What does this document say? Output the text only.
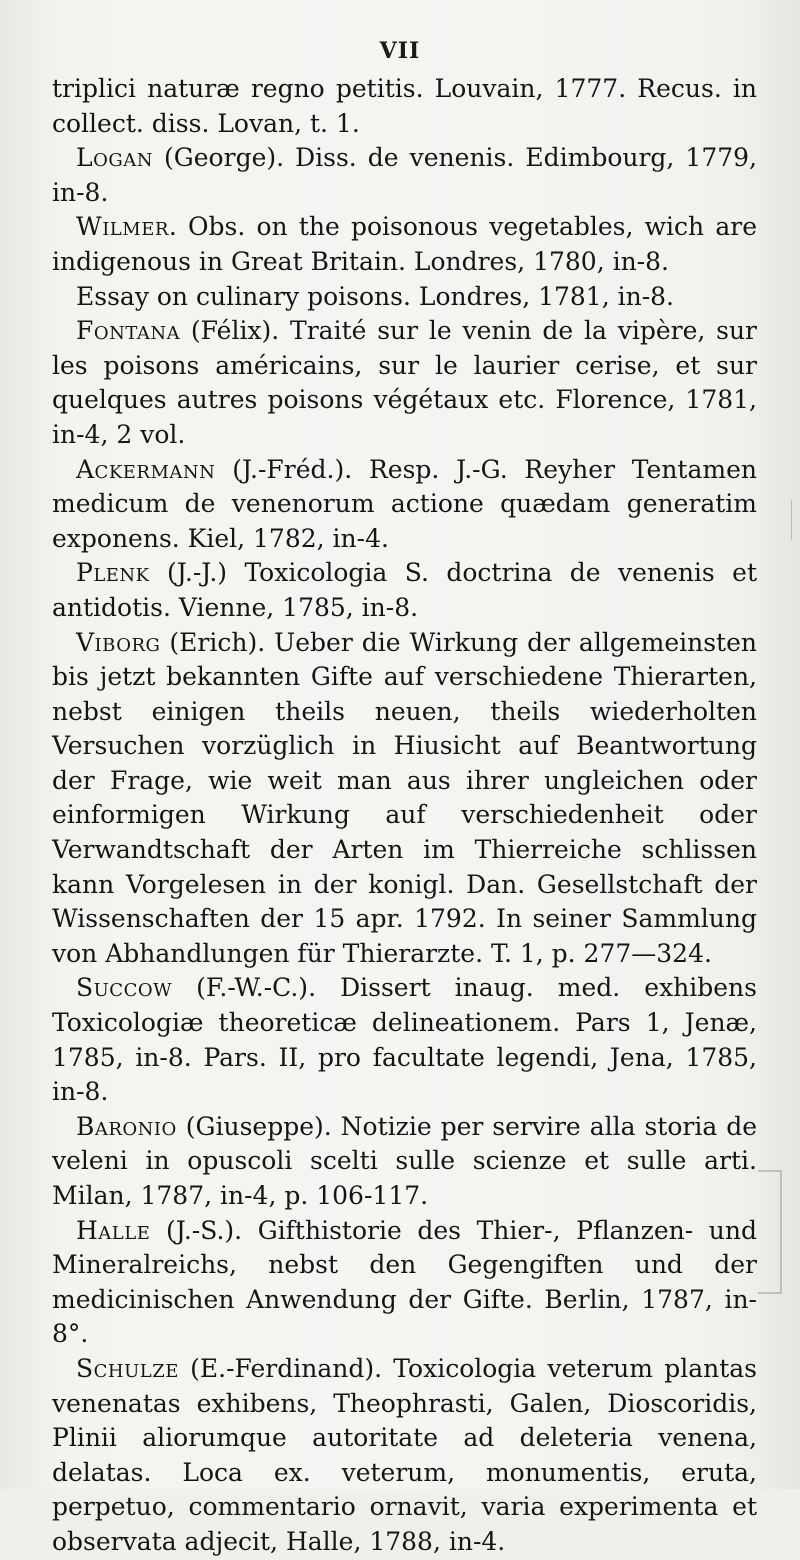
VII

triplici naturæ regno petitis. Louvain, 1777. Recus. in collect. diss. Lovan, t. 1.

Logan (George). Diss. de venenis. Edimbourg, 1779, in-8.

Wilmer. Obs. on the poisonous vegetables, wich are indigenous in Great Britain. Londres, 1780, in-8.

Essay on culinary poisons. Londres, 1781, in-8.

Fontana (Félix). Traité sur le venin de la vipère, sur les poisons américains, sur le laurier cerise, et sur quelques autres poisons végétaux etc. Florence, 1781, in-4, 2 vol.

Ackermann (J.-Fréd.). Resp. J.-G. Reyher Tentamen medicum de venenorum actione quædam generatim exponens. Kiel, 1782, in-4.

Plenk (J.-J.) Toxicologia S. doctrina de venenis et antidotis. Vienne, 1785, in-8.

Viborg (Erich). Ueber die Wirkung der allgemeinsten bis jetzt bekannten Gifte auf verschiedene Thierarten, nebst einigen theils neuen, theils wiederholten Versuchen vorzüglich in Hiusicht auf Beantwortung der Frage, wie weit man aus ihrer ungleichen oder einformigen Wirkung auf verschiedenheit oder Verwandtschaft der Arten im Thierreiche schlissen kann Vorgelesen in der konigl. Dan. Gesellstchaft der Wissenschaften der 15 apr. 1792. In seiner Sammlung von Abhandlungen für Thierarzte. T. 1, p. 277—324.

Succow (F.-W.-C.). Dissert inaug. med. exhibens Toxicologiæ theoreticæ delineationem. Pars 1, Jenæ, 1785, in-8. Pars. II, pro facultate legendi, Jena, 1785, in-8.

Baronio (Giuseppe). Notizie per servire alla storia de veleni in opuscoli scelti sulle scienze et sulle arti. Milan, 1787, in-4, p. 106-117.

Halle (J.-S.). Gifthistorie des Thier-, Pflanzen- und Mineralreichs, nebst den Gegengiften und der medicinischen Anwendung der Gifte. Berlin, 1787, in-8°.

Schulze (E.-Ferdinand). Toxicologia veterum plantas venenatas exhibens, Theophrasti, Galen, Dioscoridis, Plinii aliorumque autoritate ad deleteria venena, delatas. Loca ex. veterum, monumentis, eruta, perpetuo, commentario ornavit, varia experimenta et observata adjecit, Halle, 1788, in-4.
